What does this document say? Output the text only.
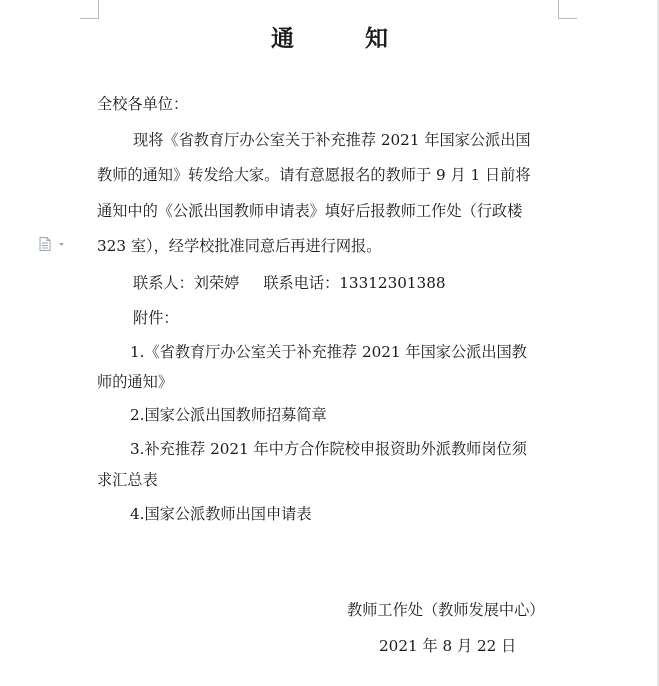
通　知
全校各单位：
现将《省教育厅办公室关于补充推荐 2021 年国家公派出国
教师的通知》转发给大家。请有意愿报名的教师于 9 月 1 日前将
通知中的《公派出国教师申请表》填好后报教师工作处（行政楼
323 室），经学校批准同意后再进行网报。
联系人：刘荣婷 联系电话：13312301388
附件：
1.《省教育厅办公室关于补充推荐 2021 年国家公派出国教
师的通知》
2.国家公派出国教师招募简章
3.补充推荐 2021 年中方合作院校申报资助外派教师岗位须
求汇总表
4.国家公派教师出国申请表
教师工作处（教师发展中心）
2021 年 8 月 22 日
